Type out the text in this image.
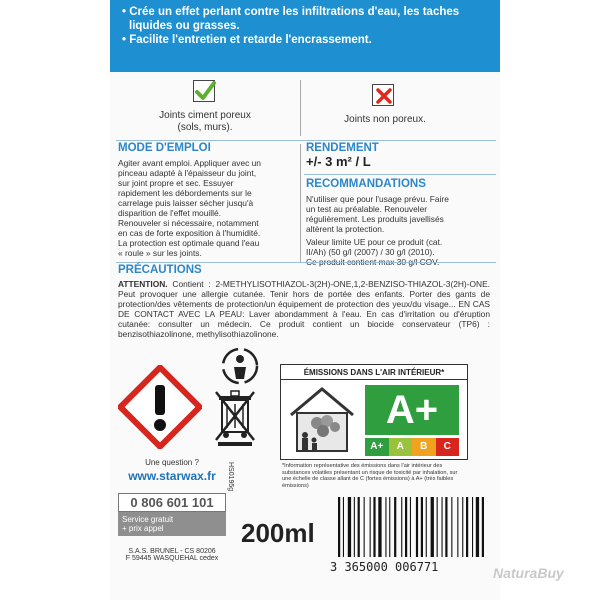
• Crée un effet perlant contre les infiltrations d'eau, les taches
liquides ou grasses.
• Facilite l'entretien et retarde l'encrassement.
Joints ciment poreux
(sols, murs).
Joints non poreux.
MODE D'EMPLOI
Agiter avant emploi. Appliquer avec un
pinceau adapté à l'épaisseur du joint,
sur joint propre et sec. Essuyer
rapidement les débordements sur le
carrelage puis laisser sécher jusqu'à
disparition de l'effet mouillé.
Renouveler si nécessaire, notamment
en cas de forte exposition à l'humidité.
La protection est optimale quand l'eau
« roule » sur les joints.
RENDEMENT
+/- 3 m² / L
RECOMMANDATIONS
N'utiliser que pour l'usage prévu. Faire
un test au préalable. Renouveler
régulièrement. Les produits javellisés
altèrent la protection.
Valeur limite UE pour ce produit (cat.
II/Ah) (50 g/l (2007) / 30 g/l (2010).
Ce produit contient max 30 g/l COV.
PRÉCAUTIONS
ATTENTION. Contient : 2-METHYLISOTHIAZOL-3(2H)-ONE,1,2-BENZISO-THIAZOL-3(2H)-ONE. Peut provoquer une allergie cutanée. Tenir hors de portée des enfants. Porter des gants de protection/des vêtements de protection/un équipement de protection des yeux/du visage... EN CAS DE CONTACT AVEC LA PEAU: Laver abondamment à l'eau. En cas d'irritation ou d'éruption cutanée: consulter un médecin. Ce produit contient un biocide conservateur (TP6) : benzisothiazolinone, methylisothiazolinone.
ÉMISSIONS DANS L'AIR INTÉRIEUR*
A+
A+	A	B	C
*Information représentative des émissions dans l'air intérieur des substances volatiles présentant un risque de toxicité par inhalation, sur une échelle de classe allant de C (fortes émissions) à A+ (très faibles émissions)
Une question ?
www.starwax.fr
0 806 601 101
Service gratuit
+ prix appel
S.A.S. BRUNEL - CS 80206
F 59445 WASQUEHAL cedex
HS0195g
200ml
3 365000 006771	NaturaBuy
